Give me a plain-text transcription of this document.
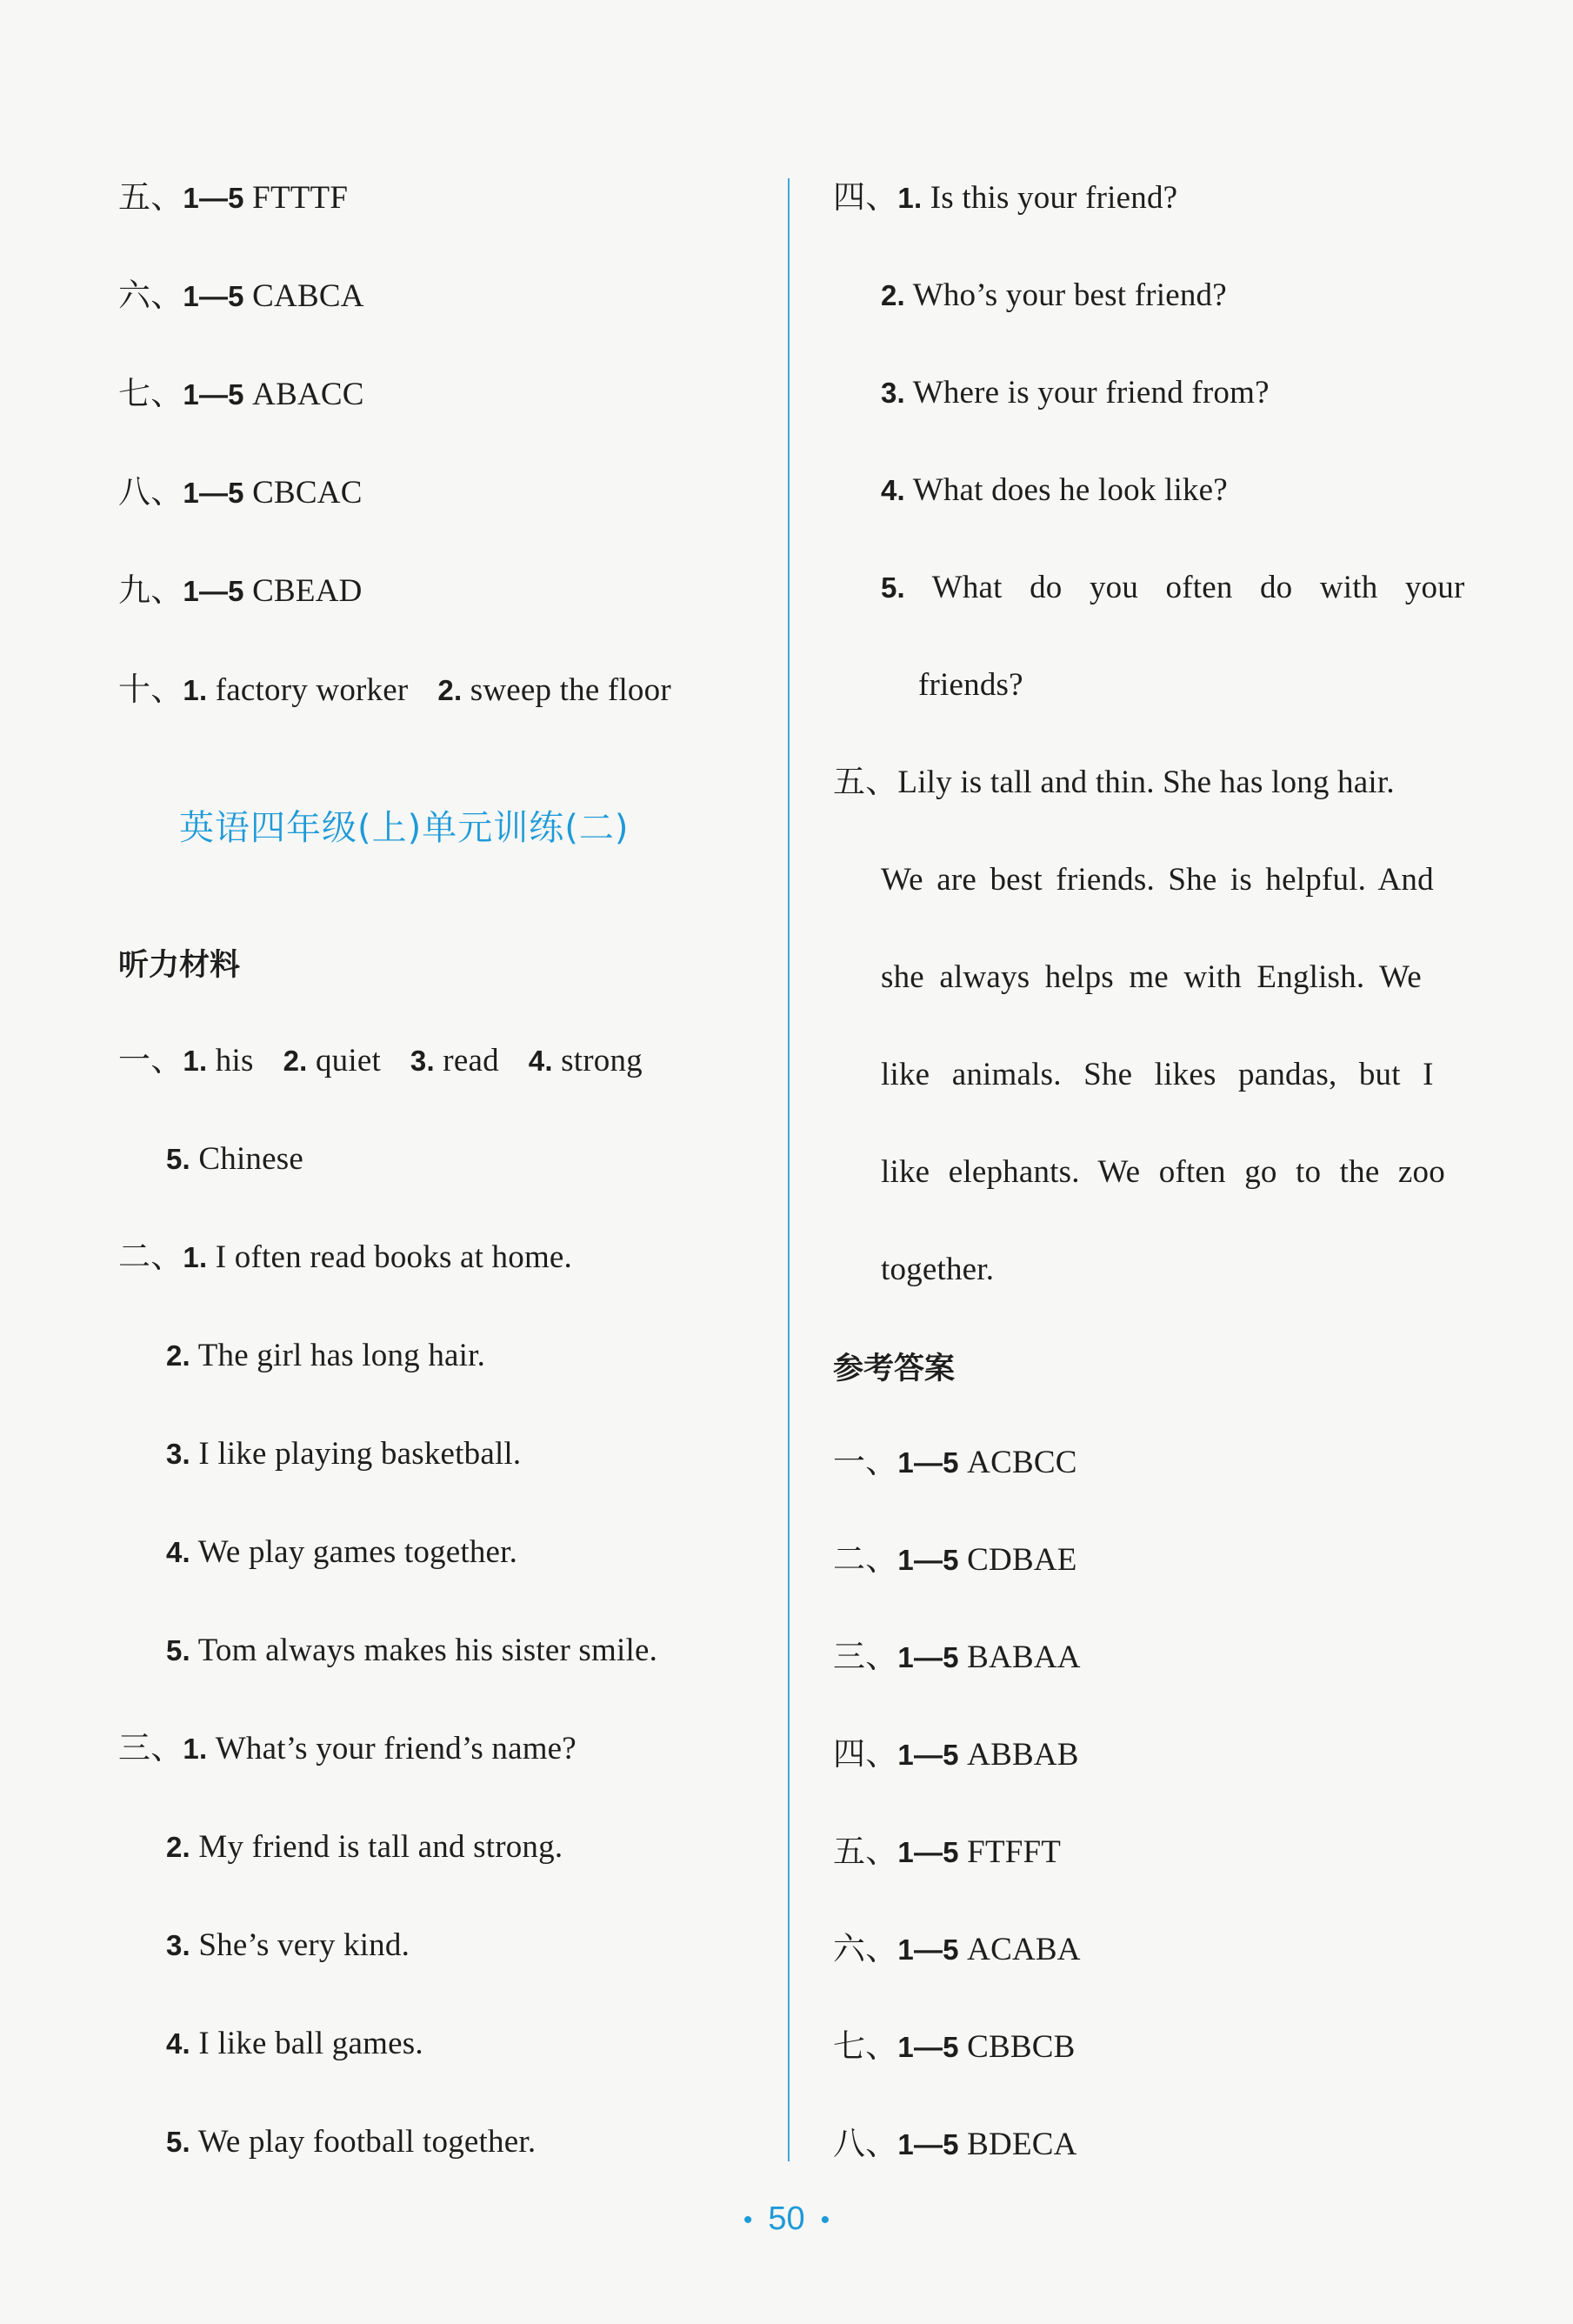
五、1—5 FTTTF
六、1—5 CABCA
七、1—5 ABACC
八、1—5 CBCAC
九、1—5 CBEAD
十、1. factory worker 2. sweep the floor
英语四年级(上)单元训练(二)
听力材料
一、1. his 2. quiet 3. read 4. strong
5. Chinese
二、1. I often read books at home.
2. The girl has long hair.
3. I like playing basketball.
4. We play games together.
5. Tom always makes his sister smile.
三、1. What’s your friend’s name?
2. My friend is tall and strong.
3. She’s very kind.
4. I like ball games.
5. We play football together.
四、1. Is this your friend?
2. Who’s your best friend?
3. Where is your friend from?
4. What does he look like?
5. What do you often do with your
friends?
五、Lily is tall and thin. She has long hair.
We are best friends. She is helpful. And
she always helps me with English. We
like animals. She likes pandas, but I
like elephants. We often go to the zoo
together.
参考答案
一、1—5 ACBCC
二、1—5 CDBAE
三、1—5 BABAA
四、1—5 ABBAB
五、1—5 FTFFT
六、1—5 ACABA
七、1—5 CBBCB
八、1—5 BDECA
• 50 •
